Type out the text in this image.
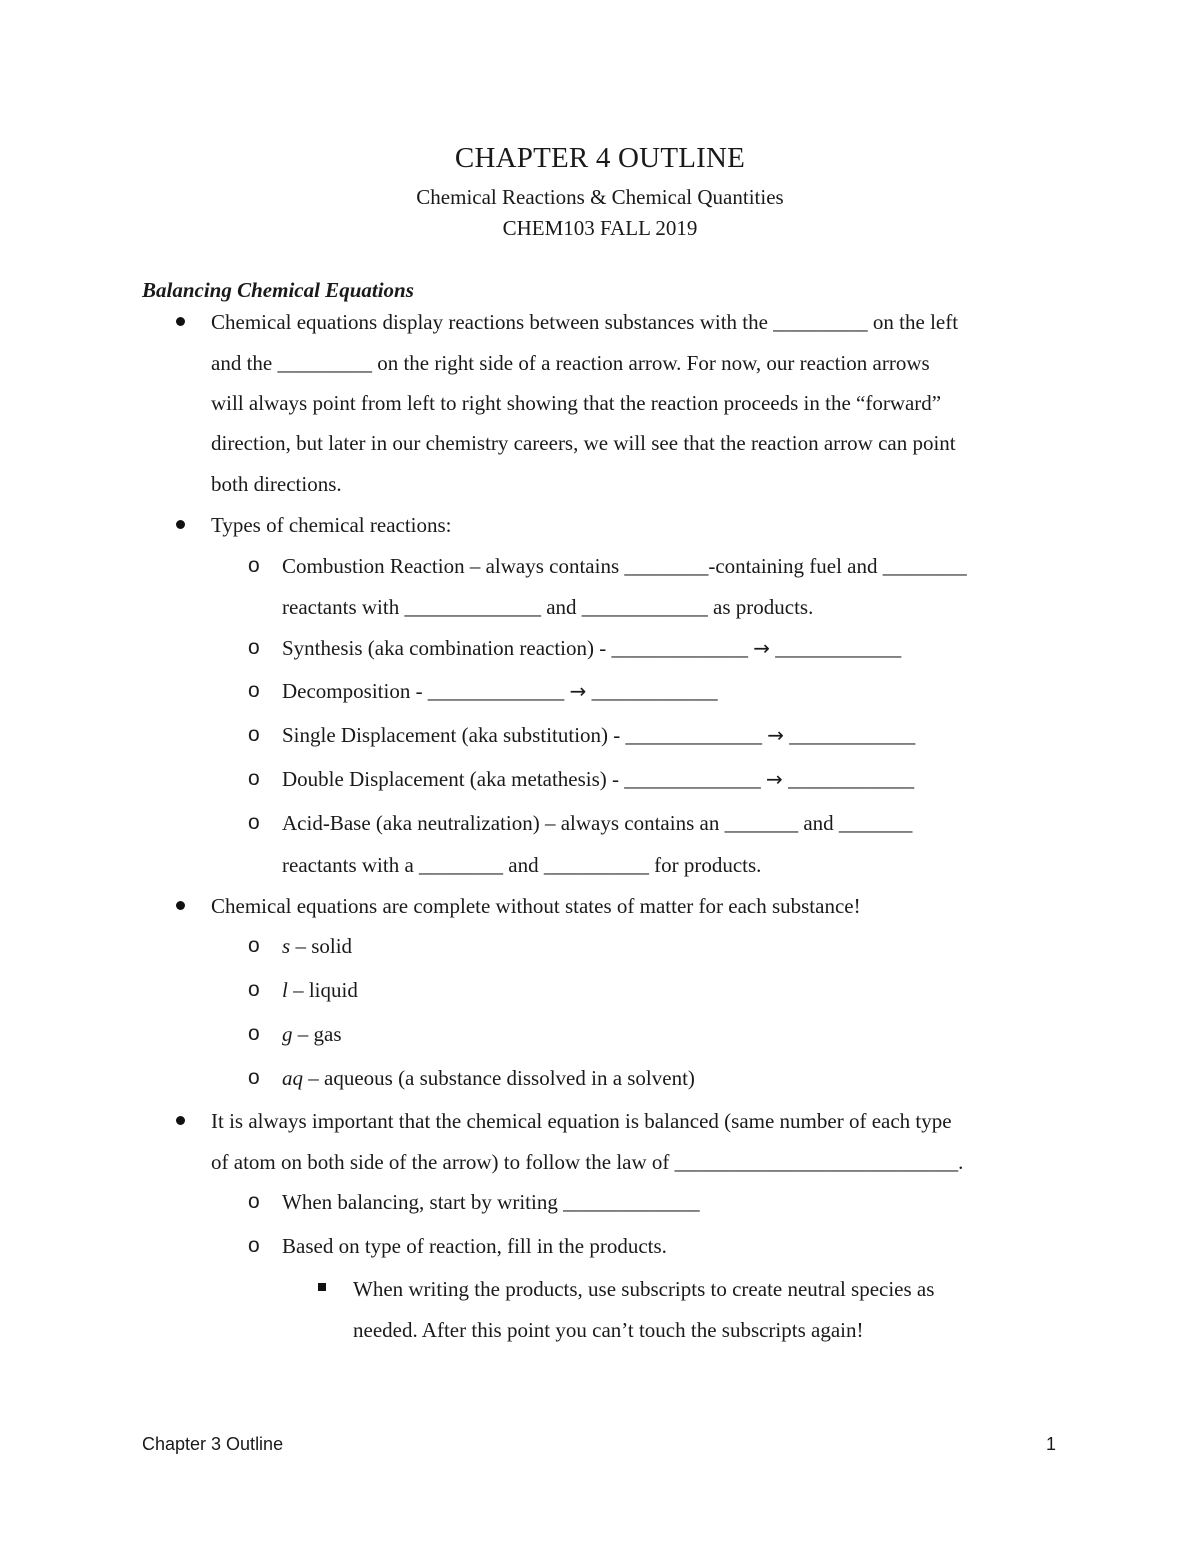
CHAPTER 4 OUTLINE
Chemical Reactions & Chemical Quantities
CHEM103 FALL 2019
Balancing Chemical Equations
Chemical equations display reactions between substances with the _________ on the left
and the _________ on the right side of a reaction arrow. For now, our reaction arrows
will always point from left to right showing that the reaction proceeds in the “forward”
direction, but later in our chemistry careers, we will see that the reaction arrow can point
both directions.
Types of chemical reactions:
o Combustion Reaction – always contains ________-containing fuel and ________
reactants with _____________ and ____________ as products.
o Synthesis (aka combination reaction) - _____________ → ____________
o Decomposition - _____________ → ____________
o Single Displacement (aka substitution) - _____________ → ____________
o Double Displacement (aka metathesis) - _____________ → ____________
o Acid-Base (aka neutralization) – always contains an _______ and _______
reactants with a ________ and __________ for products.
Chemical equations are complete without states of matter for each substance!
o s – solid
o l – liquid
o g – gas
o aq – aqueous (a substance dissolved in a solvent)
It is always important that the chemical equation is balanced (same number of each type
of atom on both side of the arrow) to follow the law of ___________________________.
o When balancing, start by writing _____________
o Based on type of reaction, fill in the products.
When writing the products, use subscripts to create neutral species as
needed. After this point you can’t touch the subscripts again!
Chapter 3 Outline	1
